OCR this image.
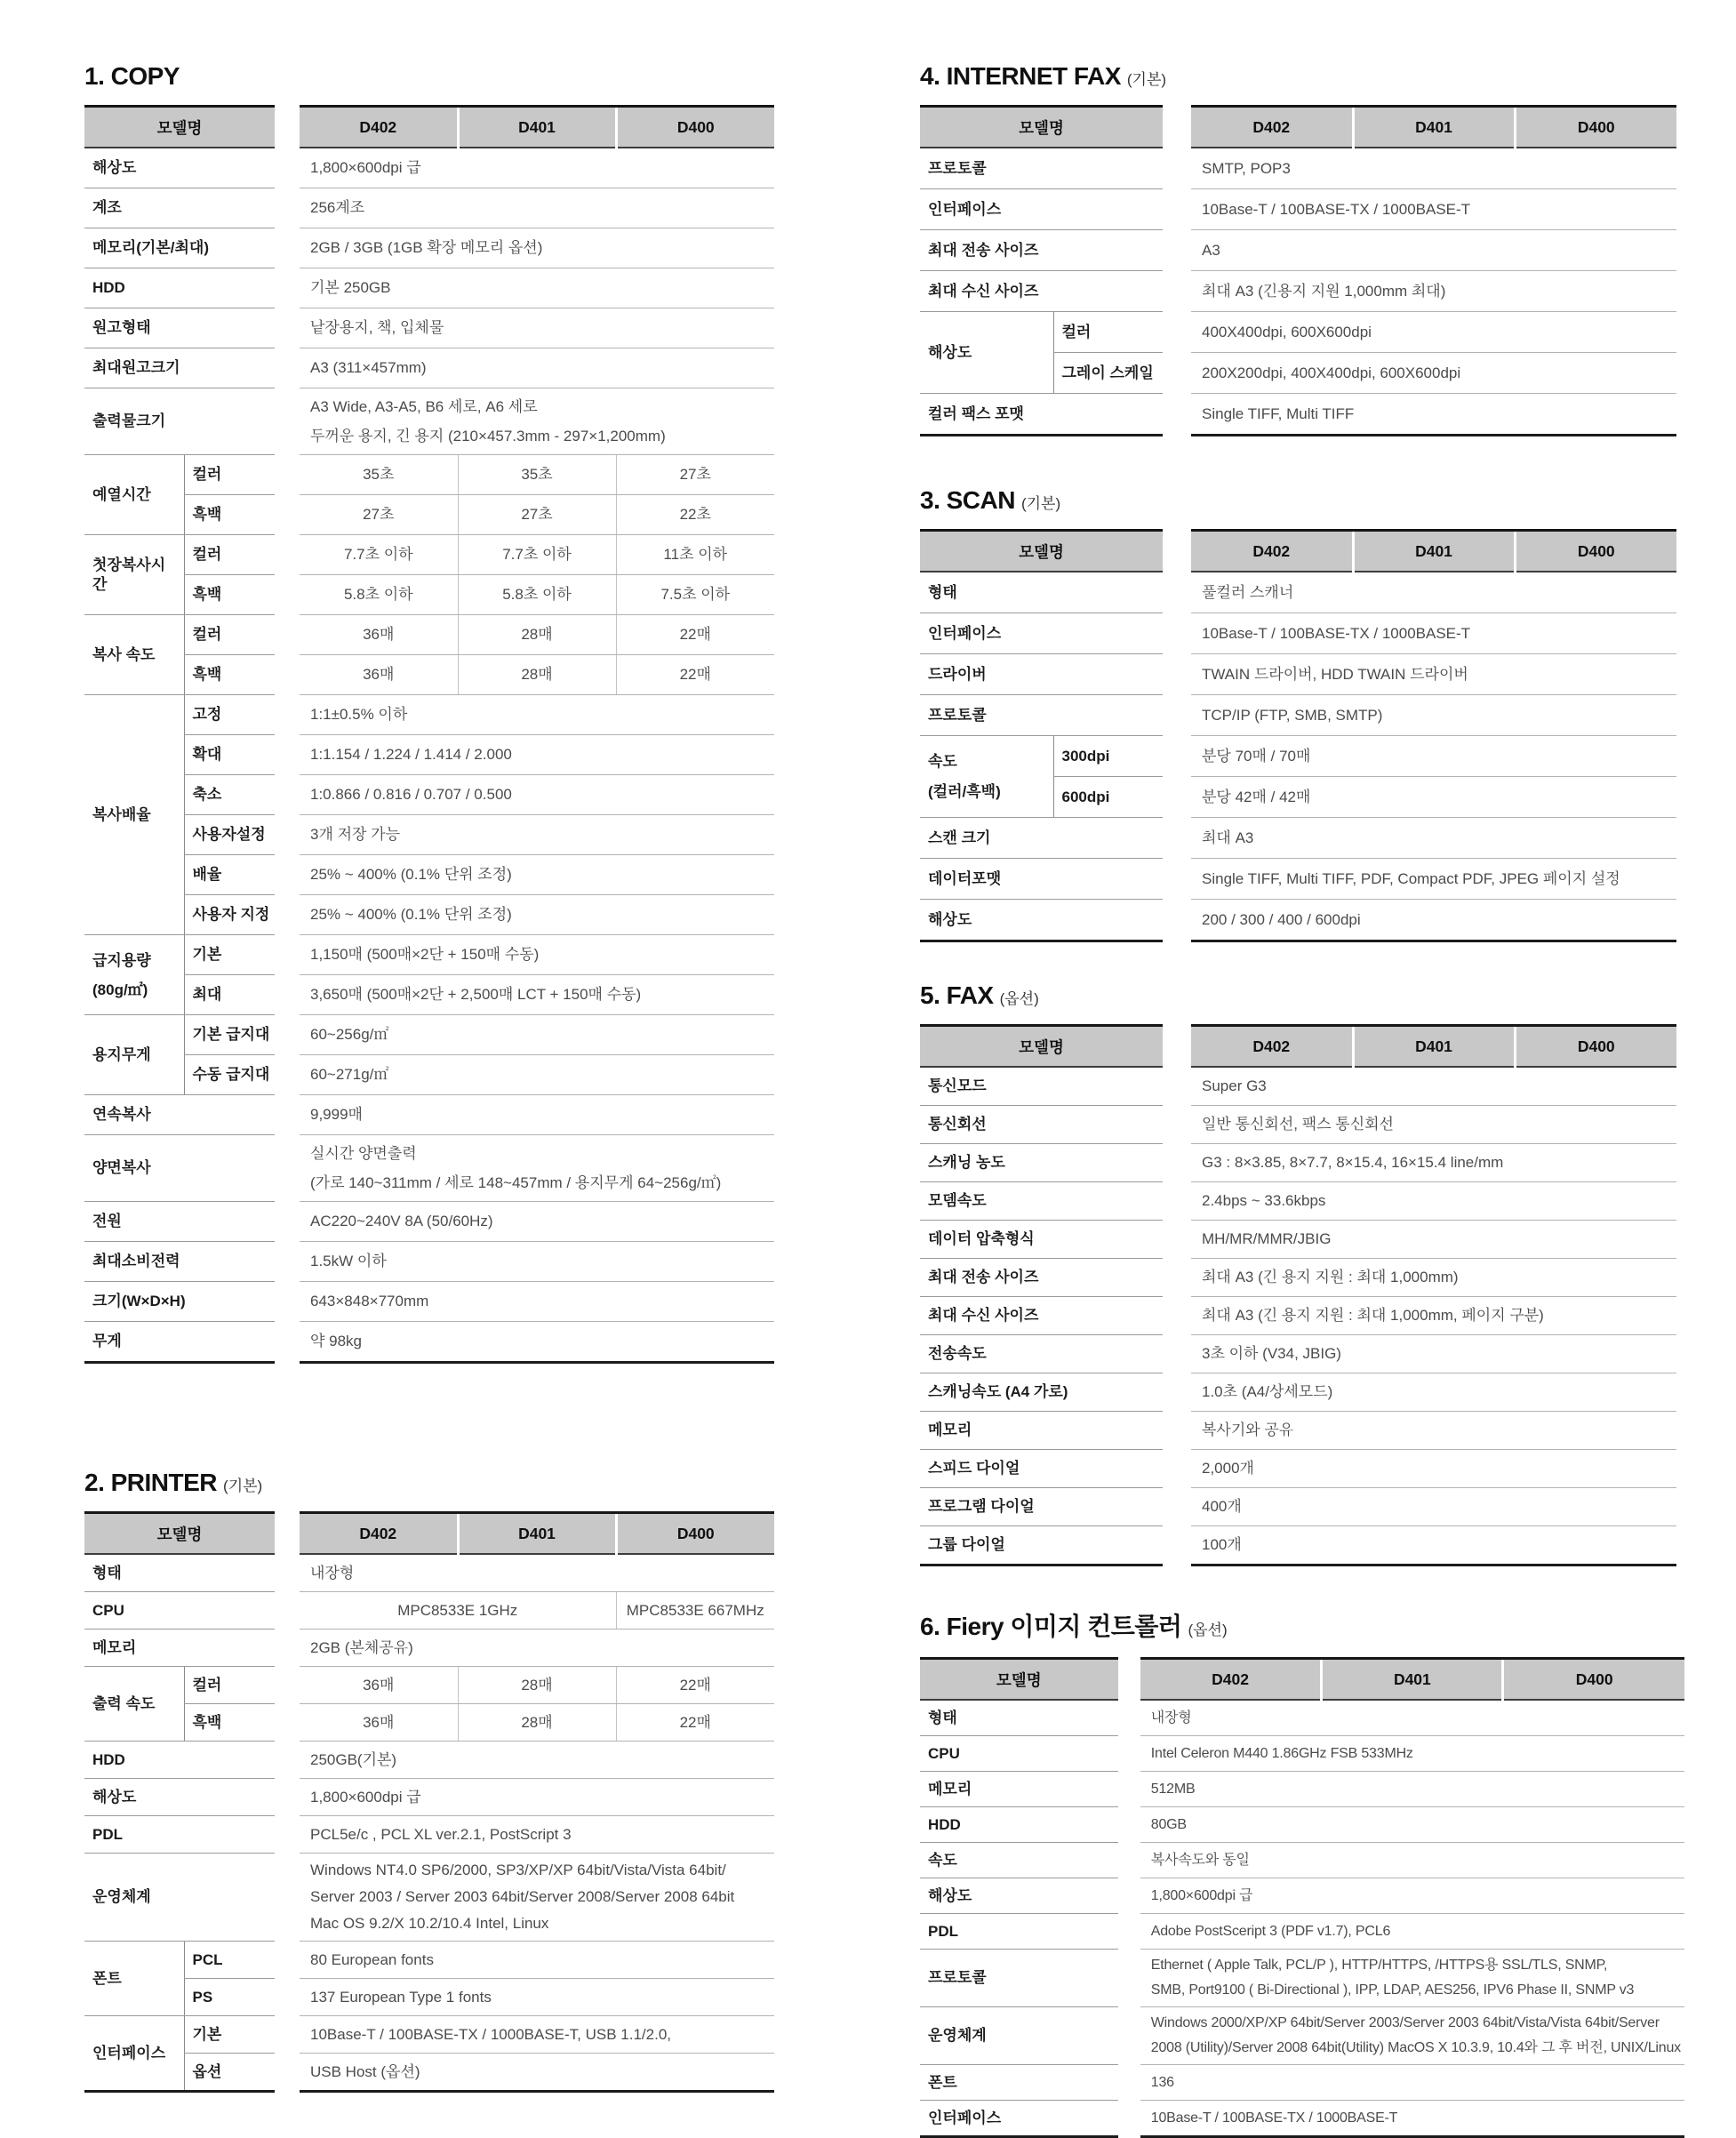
1. COPY
모델명			D402	D401	D400
해상도			1,800×600dpi 급		
계조			256계조		
메모리(기본/최대)			2GB / 3GB (1GB 확장 메모리 옵션)		
HDD			기본 250GB		
원고형태			낱장용지, 책, 입체물		
최대원고크기			A3 (311×457mm)		
출력물크기			A3 Wide, A3-A5, B6 세로, A6 세로
두꺼운 용지, 긴 용지 (210×457.3mm - 297×1,200mm)		

예열시간	컬러		35초	35초	27초
	흑백		27초	27초	22초
첫장복사시간	컬러		7.7초 이하	7.7초 이하	11초 이하
	흑백		5.8초 이하	5.8초 이하	7.5초 이하
복사 속도	컬러		36매	28매	22매
	흑백		36매	28매	22매
복사배율	고정		1:1±0.5% 이하		
	확대		1:1.154 / 1.224 / 1.414 / 2.000		
	축소		1:0.866 / 0.816 / 0.707 / 0.500		
	사용자설정		3개 저장 가능		
	배율		25% ~ 400% (0.1% 단위 조정)		
	사용자 지정		25% ~ 400% (0.1% 단위 조정)		

급지용량
(80g/㎡)	기본		1,150매 (500매×2단 + 150매 수동)		
	최대		3,650매 (500매×2단 + 2,500매 LCT + 150매 수동)		
용지무게	기본 급지대		60~256g/㎡		
	수동 급지대		60~271g/㎡		
연속복사			9,999매		
양면복사			실시간 양면출력
(가로 140~311mm / 세로 148~457mm / 용지무게 64~256g/㎡)		

전원			AC220~240V 8A (50/60Hz)		
최대소비전력			1.5kW 이하		
크기(W×D×H)			643×848×770mm		
무게			약 98kg		
2. PRINTER (기본)
모델명			D402	D401	D400
형태			내장형		
CPU			MPC8533E 1GHz		MPC8533E 667MHz
메모리			2GB (본체공유)		
출력 속도	컬러		36매	28매	22매
	흑백		36매	28매	22매
HDD			250GB(기본)		
해상도			1,800×600dpi 급		
PDL			PCL5e/c , PCL XL ver.2.1, PostScript 3		
운영체계			Windows NT4.0 SP6/2000, SP3/XP/XP 64bit/Vista/Vista 64bit/
Server 2003 / Server 2003 64bit/Server 2008/Server 2008 64bit
Mac OS 9.2/X 10.2/10.4 Intel, Linux		

폰트	PCL		80 European fonts		
	PS		137 European Type 1 fonts		
인터페이스	기본		10Base-T / 100BASE-TX / 1000BASE-T, USB 1.1/2.0,		
	옵션		USB Host (옵션)		
4. INTERNET FAX (기본)
모델명			D402	D401	D400
프로토콜			SMTP, POP3		
인터페이스			10Base-T / 100BASE-TX / 1000BASE-T		
최대 전송 사이즈			A3		
최대 수신 사이즈			최대 A3 (긴용지 지원 1,000mm 최대)		
해상도	컬러		400X400dpi, 600X600dpi		
	그레이 스케일		200X200dpi, 400X400dpi, 600X600dpi		
컬러 팩스 포맷			Single TIFF, Multi TIFF		
3. SCAN (기본)
모델명			D402	D401	D400
형태			풀컬러 스캐너		
인터페이스			10Base-T / 100BASE-TX / 1000BASE-T		
드라이버			TWAIN 드라이버, HDD TWAIN 드라이버		
프로토콜			TCP/IP (FTP, SMB, SMTP)		

속도
(컬러/흑백)	300dpi		분당 70매 / 70매		
	600dpi		분당 42매 / 42매		
스캔 크기			최대 A3		
데이터포맷			Single TIFF, Multi TIFF, PDF, Compact PDF, JPEG 페이지 설정		
해상도			200 / 300 / 400 / 600dpi		
5. FAX (옵션)
모델명		D402	D401	D400
통신모드		Super G3		
통신회선		일반 통신회선, 팩스 통신회선		
스캐닝 농도		G3 : 8×3.85, 8×7.7, 8×15.4, 16×15.4 line/mm		
모뎀속도		2.4bps ~ 33.6kbps		
데이터 압축형식		MH/MR/MMR/JBIG		
최대 전송 사이즈		최대 A3 (긴 용지 지원 : 최대 1,000mm)		
최대 수신 사이즈		최대 A3 (긴 용지 지원 : 최대 1,000mm, 페이지 구분)		
전송속도		3초 이하 (V34, JBIG)		
스캐닝속도 (A4 가로)		1.0초 (A4/상세모드)		
메모리		복사기와 공유		
스피드 다이얼		2,000개		
프로그램 다이얼		400개		
그룹 다이얼		100개		
6. Fiery 이미지 컨트롤러 (옵션)
모델명		D402	D401	D400
형태		내장형		
CPU		Intel Celeron M440 1.86GHz FSB 533MHz		
메모리		512MB		
HDD		80GB		
속도		복사속도와 동일		
해상도		1,800×600dpi 급		
PDL		Adobe PostSceript 3 (PDF v1.7), PCL6		
프로토콜		Ethernet ( Apple Talk, PCL/P ), HTTP/HTTPS, /HTTPS용 SSL/TLS, SNMP,
SMB, Port9100 ( Bi-Directional ), IPP, LDAP, AES256, IPV6 Phase II, SNMP v3		

운영체계		Windows 2000/XP/XP 64bit/Server 2003/Server 2003 64bit/Vista/Vista 64bit/Server
2008 (Utility)/Server 2008 64bit(Utility) MacOS X 10.3.9, 10.4와 그 후 버전, UNIX/Linux		

폰트		136		
인터페이스		10Base-T / 100BASE-TX / 1000BASE-T		
